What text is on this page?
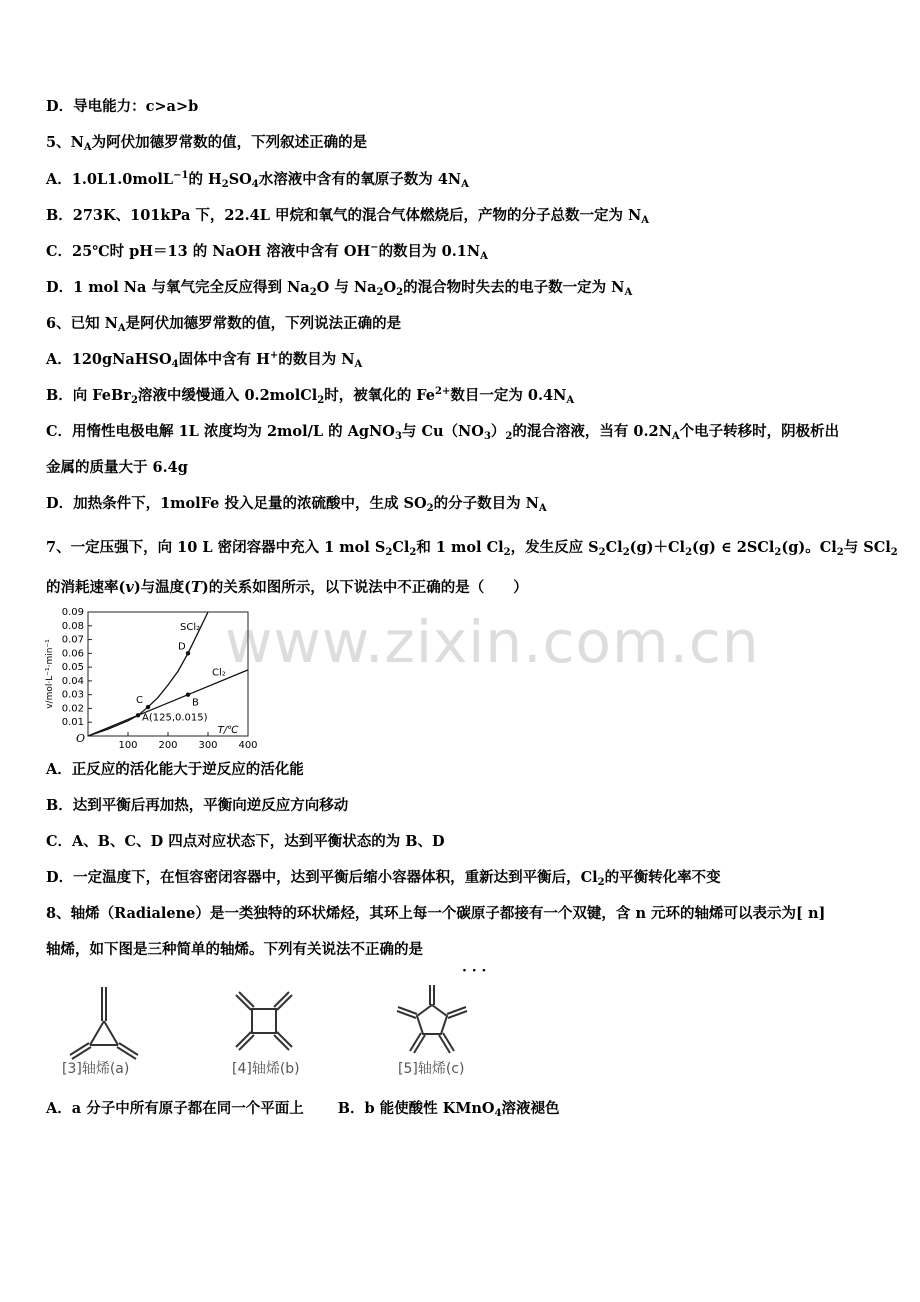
www.zixin.com.cn
D．导电能力：c>a>b
5、$N_A$为阿伏加德罗常数的值，下列叙述正确的是
A．1.0L1.0molL$^{-1}$的 $H_2SO_4$水溶液中含有的氧原子数为 $4N_A$
B．273K、101kPa 下，22.4L 甲烷和氧气的混合气体燃烧后，产物的分子总数一定为 $N_A$
C．25℃时 pH＝13 的 NaOH 溶液中含有 OH−的数目为 $0.1N_A$
D．1 mol Na 与氧气完全反应得到 $Na_2O$ 与 $Na_2O_2$的混合物时失去的电子数一定为 $N_A$
6、已知 $N_A$是阿伏加德罗常数的值，下列说法正确的是
A．120gNaHSO$_4$固体中含有 H+的数目为 $N_A$
B．向 FeBr$_2$溶液中缓慢通入 0.2molCl$_2$时，被氧化的 $Fe^{2+}$数目一定为 $0.4N_A$
C．用惰性电极电解 1L 浓度均为 2mol/L 的 AgNO$_3$与 $Cu(NO_3)_2$的混合溶液，当有 $0.2N_A$个电子转移时，阴极析出
金属的质量大于 6.4g
D．加热条件下，1molFe 投入足量的浓硫酸中，生成 $SO_2$的分子数目为 $N_A$
7、一定压强下，向 10 L 密闭容器中充入 1 mol $S_2Cl_2$和 1 mol $Cl_2$，发生反应 $S_2Cl_2(g)+Cl_2(g)$ ∈ 2SCl$_2$(g)。$Cl_2$与 SCl$_2$
的消耗速率(v)与温度(T)的关系如图所示，以下说法中不正确的是（　　）
0.01
0.02
0.03
0.04
0.05
0.06
0.07
0.08
0.09
100 200 300 400
O
T/℃
v/mol·L⁻¹·min⁻¹
SCl₂
Cl₂
A(125,0.015)
B
C
D
A．正反应的活化能大于逆反应的活化能
B．达到平衡后再加热，平衡向逆反应方向移动
C．A、B、C、D 四点对应状态下，达到平衡状态的为 B、D
D．一定温度下，在恒容密闭容器中，达到平衡后缩小容器体积，重新达到平衡后，$Cl_2$的平衡转化率不变
8、轴烯（Radialene）是一类独特的环状烯烃，其环上每一个碳原子都接有一个双键，含 n 元环的轴烯可以表示为[ n]
轴烯，如下图是三种简单的轴烯。下列有关说法不正确的是
· · ·
[3]轴烯(a)	[4]轴烯(b)	[5]轴烯(c)
A．a 分子中所有原子都在同一个平面上　　 B．b 能使酸性 KMnO$_4$溶液褪色
